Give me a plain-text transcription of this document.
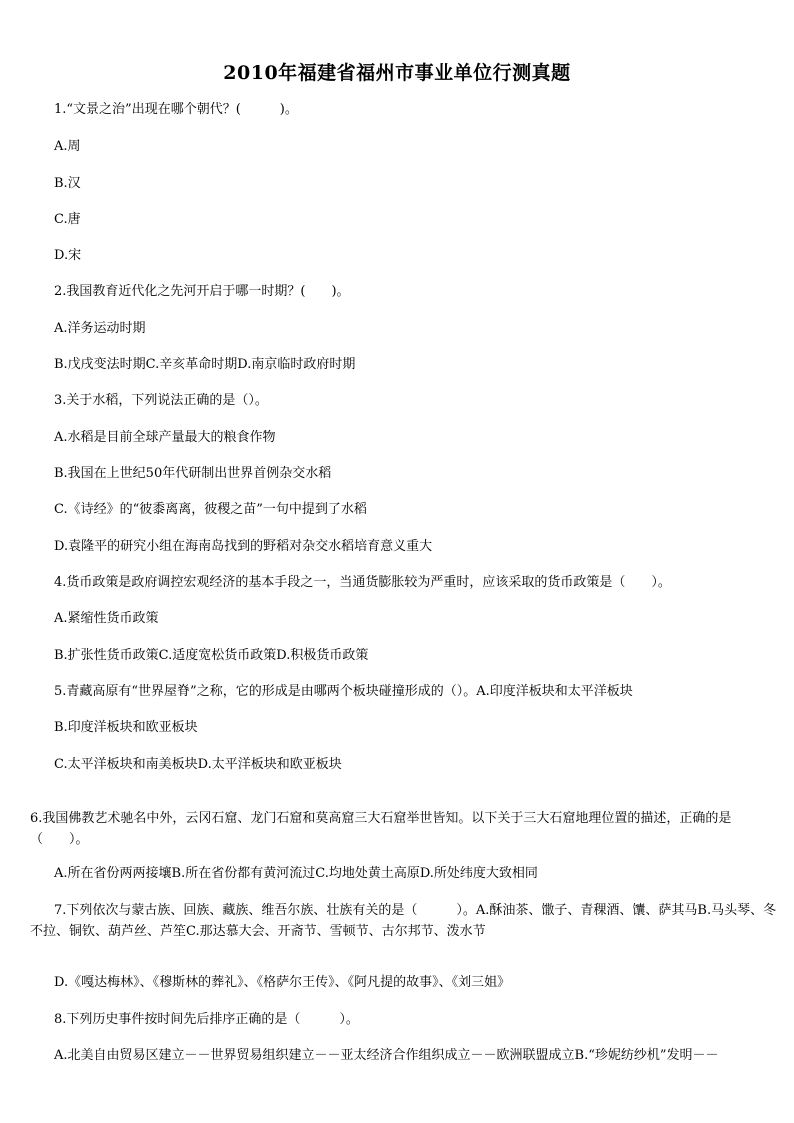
2010年福建省福州市事业单位行测真题
1.“文景之治”出现在哪个朝代？(　　　)。
A.周
B.汉
C.唐
D.宋
2.我国教育近代化之先河开启于哪一时期？(　　)。
A.洋务运动时期
B.戊戌变法时期C.辛亥革命时期D.南京临时政府时期
3.关于水稻，下列说法正确的是（）。
A.水稻是目前全球产量最大的粮食作物
B.我国在上世纪50年代研制出世界首例杂交水稻
C.《诗经》的“彼黍离离，彼稷之苗”一句中提到了水稻
D.袁隆平的研究小组在海南岛找到的野稻对杂交水稻培育意义重大
4.货币政策是政府调控宏观经济的基本手段之一，当通货膨胀较为严重时，应该采取的货币政策是（　　）。
A.紧缩性货币政策
B.扩张性货币政策C.适度宽松货币政策D.积极货币政策
5.青藏高原有“世界屋脊”之称，它的形成是由哪两个板块碰撞形成的（）。A.印度洋板块和太平洋板块
B.印度洋板块和欧亚板块
C.太平洋板块和南美板块D.太平洋板块和欧亚板块
6.我国佛教艺术驰名中外，云冈石窟、龙门石窟和莫高窟三大石窟举世皆知。以下关于三大石窟地理位置的描述，正确的是（　　）。
A.所在省份两两接壤B.所在省份都有黄河流过C.均地处黄土高原D.所处纬度大致相同
7.下列依次与蒙古族、回族、藏族、维吾尔族、壮族有关的是（　　　）。A.酥油茶、馓子、青稞酒、馕、萨其马B.马头琴、冬不拉、铜钦、葫芦丝、芦笙C.那达慕大会、开斋节、雪顿节、古尔邦节、泼水节
D.《嘎达梅林》、《穆斯林的葬礼》、《格萨尔王传》、《阿凡提的故事》、《刘三姐》
8.下列历史事件按时间先后排序正确的是（　　　）。
A.北美自由贸易区建立－－世界贸易组织建立－－亚太经济合作组织成立－－欧洲联盟成立B.“珍妮纺纱机”发明－－
